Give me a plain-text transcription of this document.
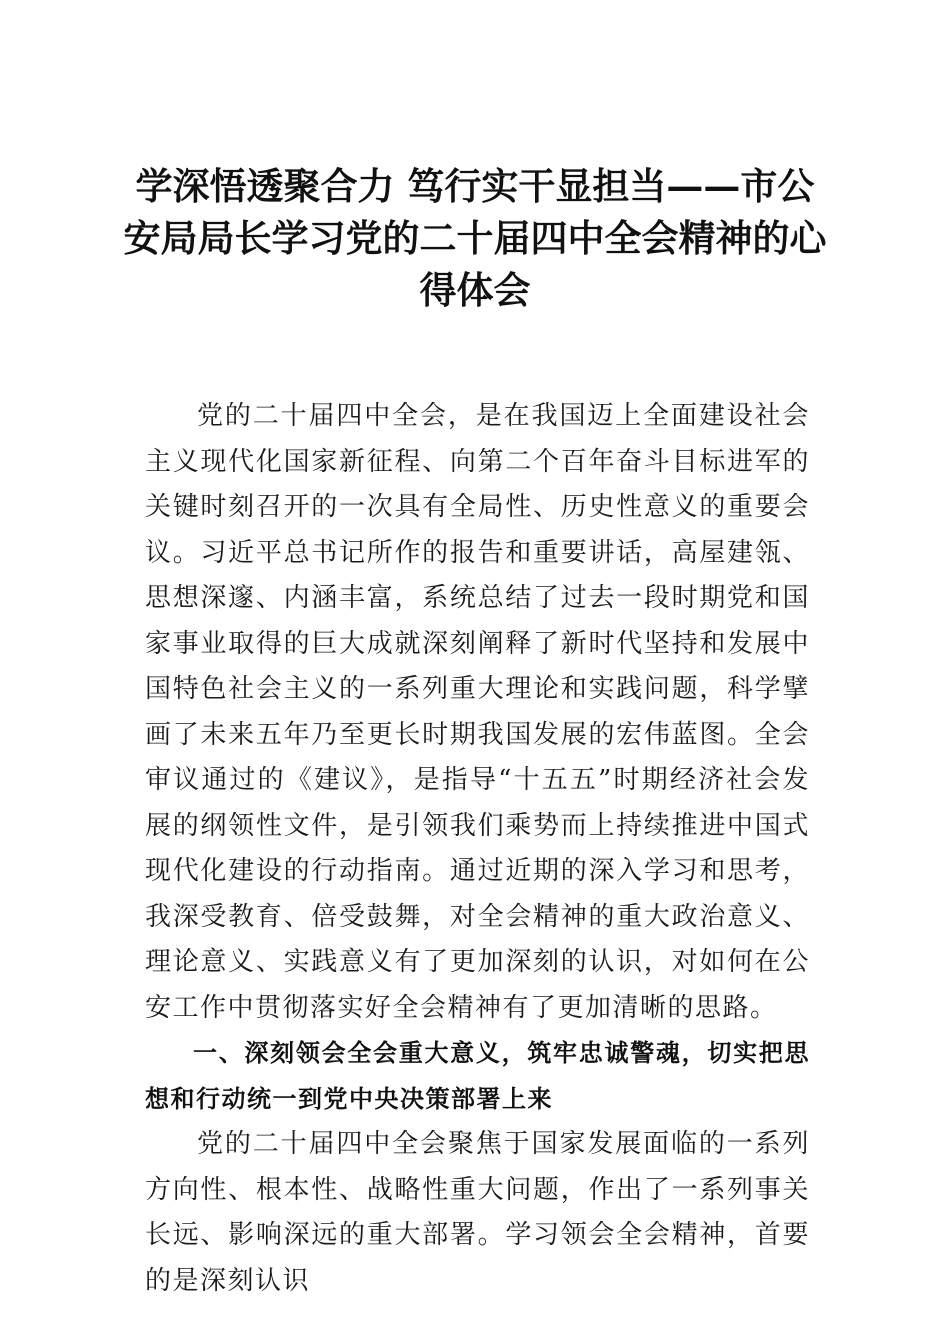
学深悟透聚合力 笃行实干显担当——市公安局局长学习党的二十届四中全会精神的心得体会

党的二十届四中全会，是在我国迈上全面建设社会主义现代化国家新征程、向第二个百年奋斗目标进军的关键时刻召开的一次具有全局性、历史性意义的重要会议。习近平总书记所作的报告和重要讲话，高屋建瓴、思想深邃、内涵丰富，系统总结了过去一段时期党和国家事业取得的巨大成就深刻阐释了新时代坚持和发展中国特色社会主义的一系列重大理论和实践问题，科学擘画了未来五年乃至更长时期我国发展的宏伟蓝图。全会审议通过的《建议》，是指导“十五五”时期经济社会发展的纲领性文件，是引领我们乘势而上持续推进中国式现代化建设的行动指南。通过近期的深入学习和思考，我深受教育、倍受鼓舞，对全会精神的重大政治意义、理论意义、实践意义有了更加深刻的认识，对如何在公安工作中贯彻落实好全会精神有了更加清晰的思路。

一、深刻领会全会重大意义，筑牢忠诚警魂，切实把思想和行动统一到党中央决策部署上来

党的二十届四中全会聚焦于国家发展面临的一系列方向性、根本性、战略性重大问题，作出了一系列事关长远、影响深远的重大部署。学习领会全会精神，首要的是深刻认识
